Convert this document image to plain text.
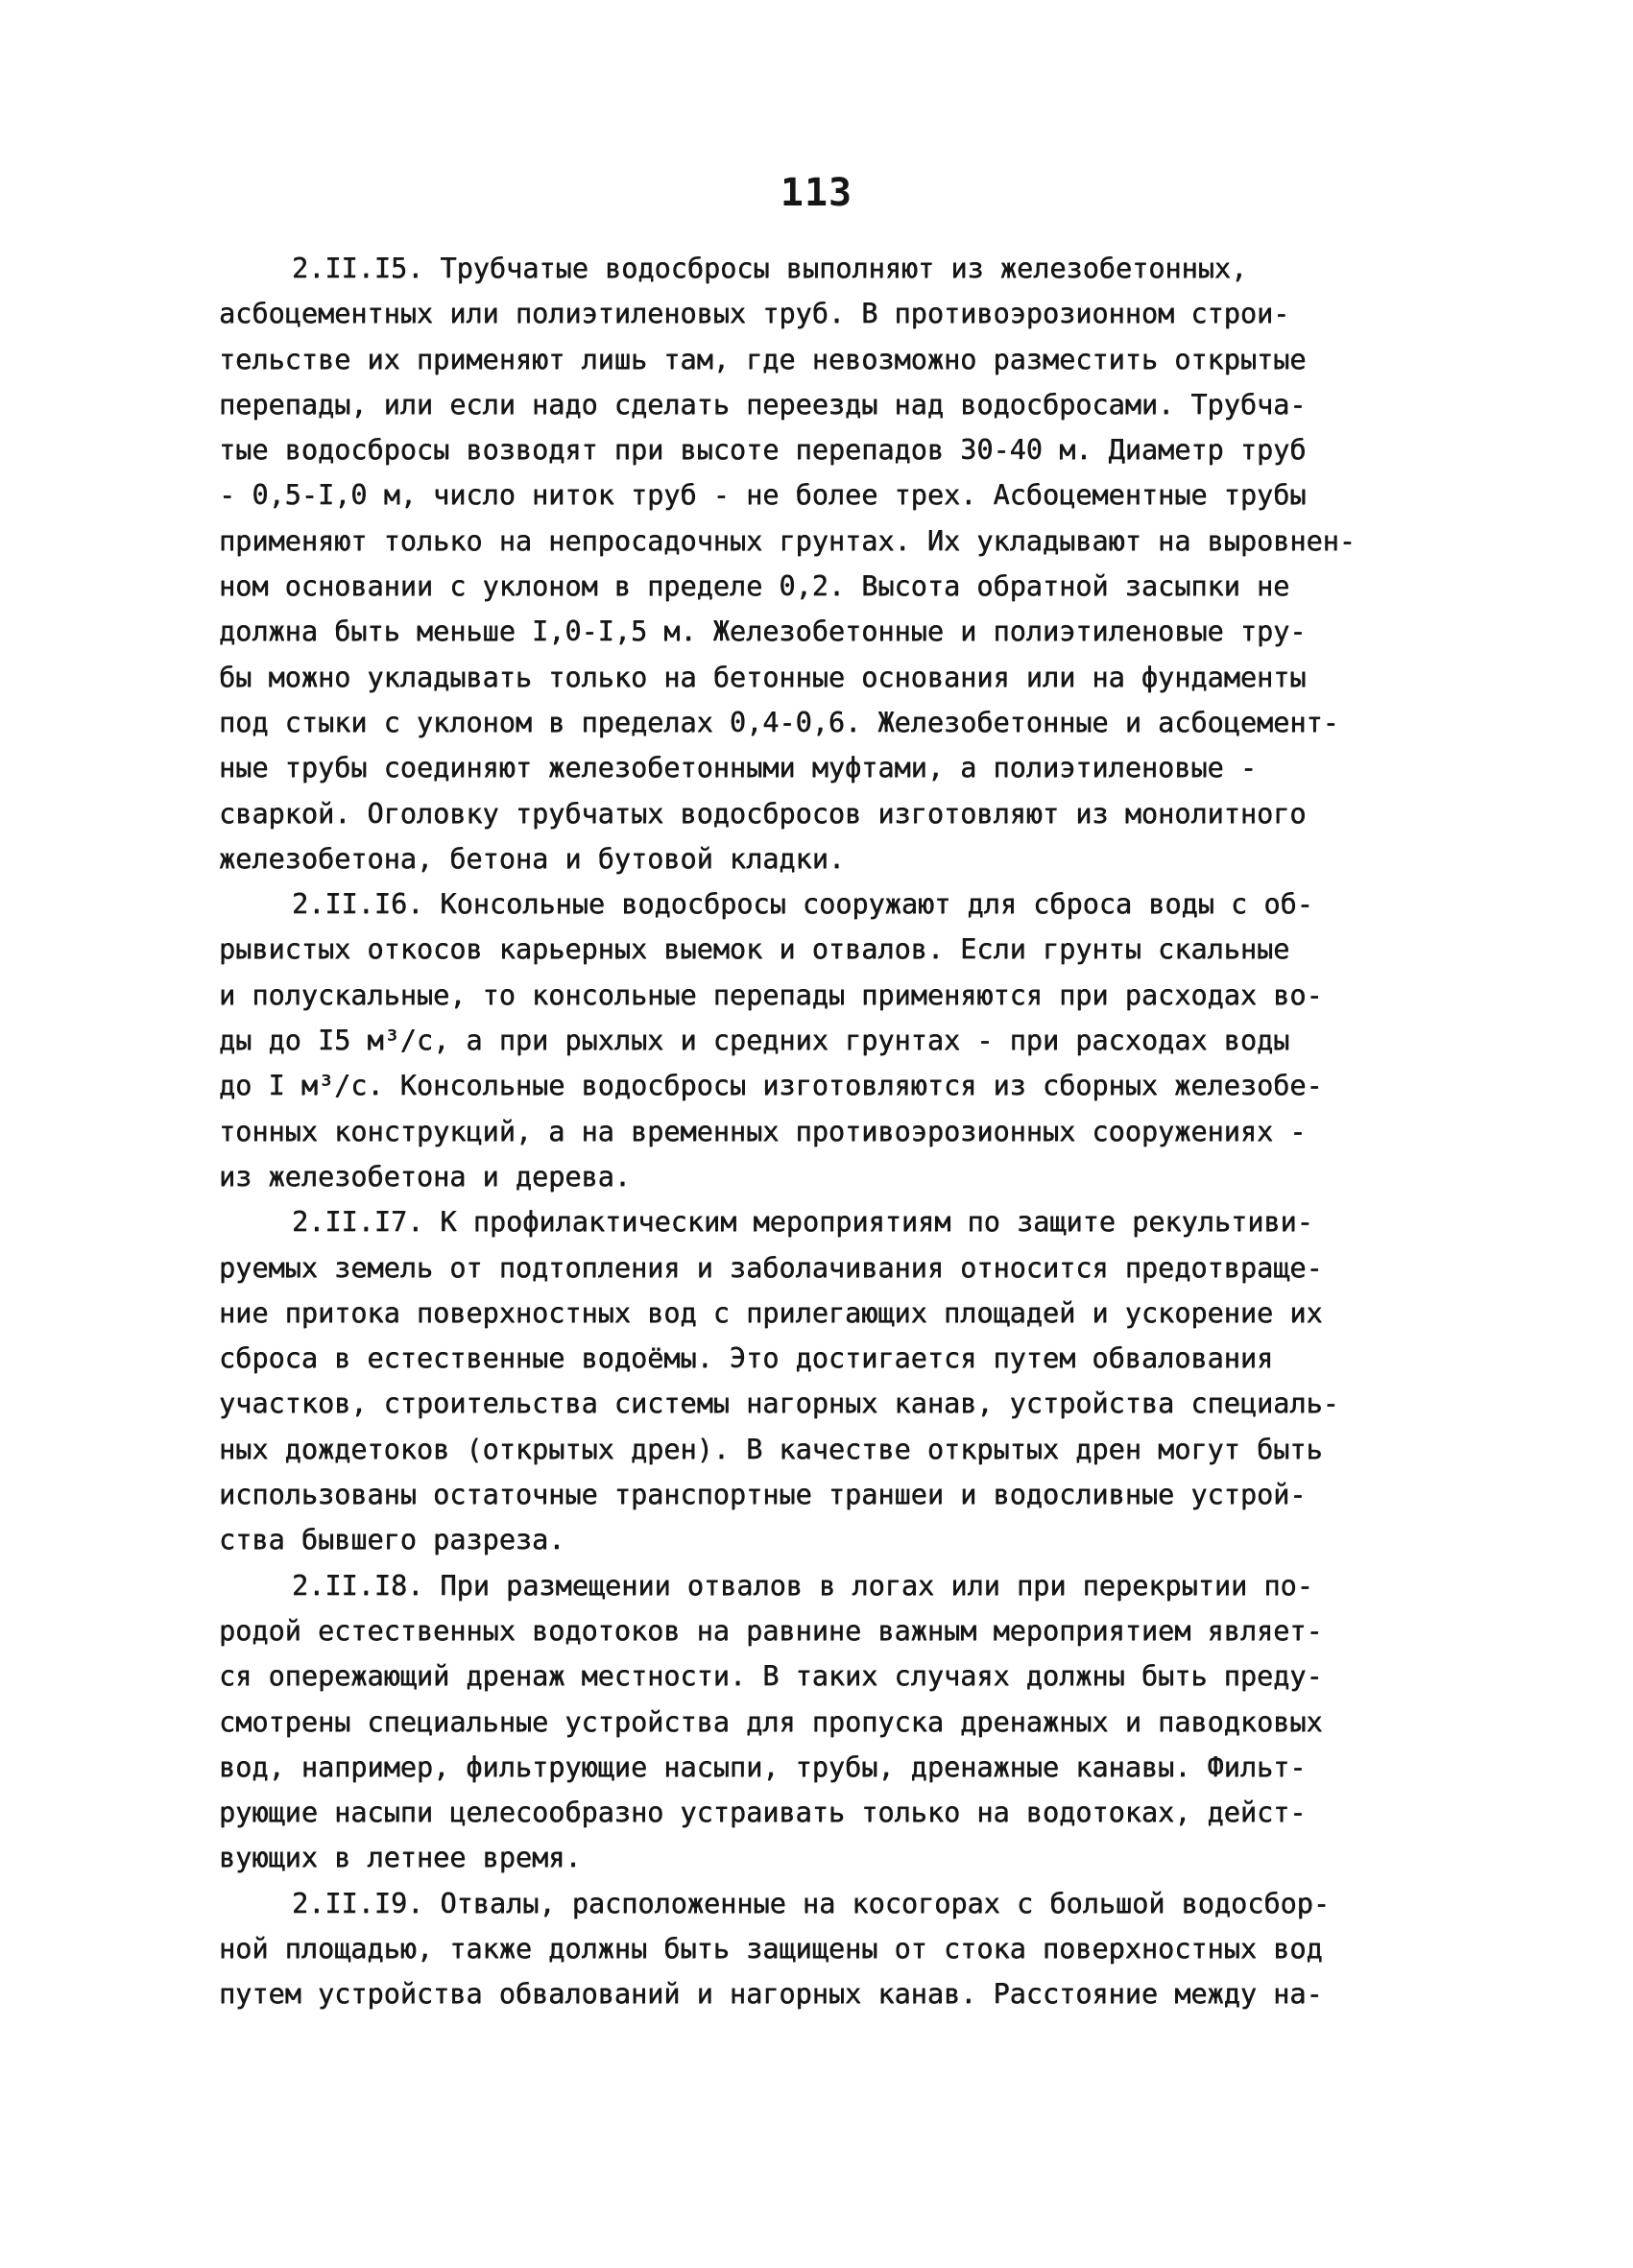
113
2.II.I5. Трубчатые водосбросы выполняют из железобетонных,
асбоцементных или полиэтиленовых труб. В противоэрозионном строи-
тельстве их применяют лишь там, где невозможно разместить открытые
перепады, или если надо сделать переезды над водосбросами. Трубча-
тые водосбросы возводят при высоте перепадов 30-40 м. Диаметр труб
- 0,5-I,0 м, число ниток труб - не более трех. Асбоцементные трубы
применяют только на непросадочных грунтах. Их укладывают на выровнен-
ном основании с уклоном в пределе 0,2. Высота обратной засыпки не
должна быть меньше I,0-I,5 м. Железобетонные и полиэтиленовые тру-
бы можно укладывать только на бетонные основания или на фундаменты
под стыки с уклоном в пределах 0,4-0,6. Железобетонные и асбоцемент-
ные трубы соединяют железобетонными муфтами, а полиэтиленовые -
сваркой. Оголовку трубчатых водосбросов изготовляют из монолитного
железобетона, бетона и бутовой кладки.
2.II.I6. Консольные водосбросы сооружают для сброса воды с об-
рывистых откосов карьерных выемок и отвалов. Если грунты скальные
и полускальные, то консольные перепады применяются при расходах во-
ды до I5 м³/с, а при рыхлых и средних грунтах - при расходах воды
до I м³/с. Консольные водосбросы изготовляются из сборных железобе-
тонных конструкций, а на временных противоэрозионных сооружениях -
из железобетона и дерева.
2.II.I7. К профилактическим мероприятиям по защите рекультиви-
руемых земель от подтопления и заболачивания относится предотвраще-
ние притока поверхностных вод с прилегающих площадей и ускорение их
сброса в естественные водоёмы. Это достигается путем обвалования
участков, строительства системы нагорных канав, устройства специаль-
ных дождетоков (открытых дрен). В качестве открытых дрен могут быть
использованы остаточные транспортные траншеи и водосливные устрой-
ства бывшего разреза.
2.II.I8. При размещении отвалов в логах или при перекрытии по-
родой естественных водотоков на равнине важным мероприятием являет-
ся опережающий дренаж местности. В таких случаях должны быть преду-
смотрены специальные устройства для пропуска дренажных и паводковых
вод, например, фильтрующие насыпи, трубы, дренажные канавы. Фильт-
рующие насыпи целесообразно устраивать только на водотоках, дейст-
вующих в летнее время.
2.II.I9. Отвалы, расположенные на косогорах с большой водосбор-
ной площадью, также должны быть защищены от стока поверхностных вод
путем устройства обвалований и нагорных канав. Расстояние между на-
